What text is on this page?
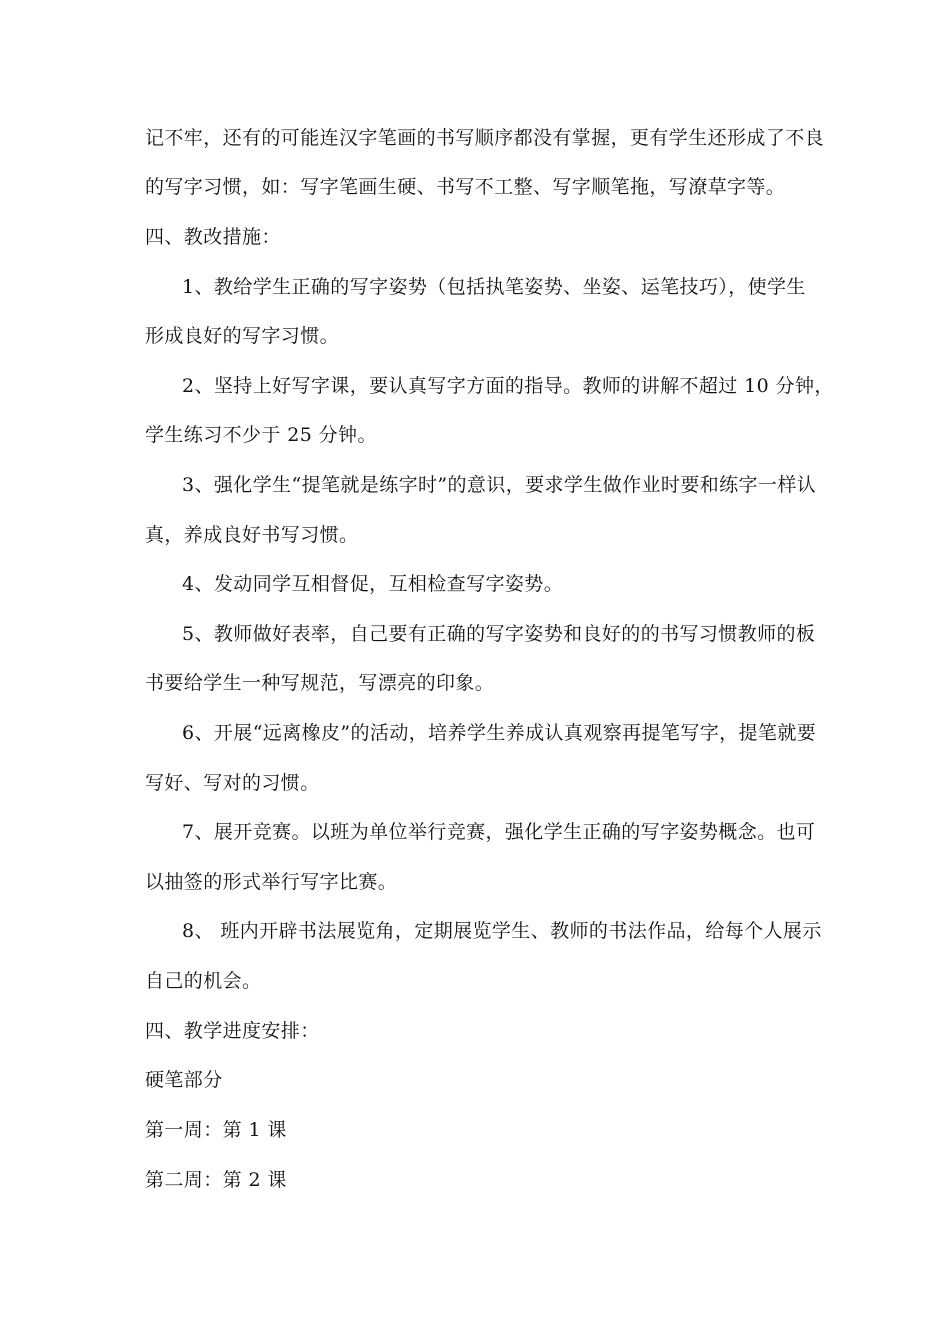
记不牢，还有的可能连汉字笔画的书写顺序都没有掌握，更有学生还形成了不良
的写字习惯，如：写字笔画生硬、书写不工整、写字顺笔拖，写潦草字等。
四、教改措施：
1、教给学生正确的写字姿势（包括执笔姿势、坐姿、运笔技巧），使学生
形成良好的写字习惯。
2、坚持上好写字课，要认真写字方面的指导。教师的讲解不超过 10 分钟，
学生练习不少于 25 分钟。
3、强化学生“提笔就是练字时”的意识，要求学生做作业时要和练字一样认
真，养成良好书写习惯。
4、发动同学互相督促，互相检查写字姿势。
5、教师做好表率，自己要有正确的写字姿势和良好的的书写习惯教师的板
书要给学生一种写规范，写漂亮的印象。
6、开展“远离橡皮”的活动，培养学生养成认真观察再提笔写字，提笔就要
写好、写对的习惯。
7、展开竞赛。以班为单位举行竞赛，强化学生正确的写字姿势概念。也可
以抽签的形式举行写字比赛。
8、 班内开辟书法展览角，定期展览学生、教师的书法作品，给每个人展示
自己的机会。
四、教学进度安排：
硬笔部分
第一周：第 1 课
第二周：第 2 课
